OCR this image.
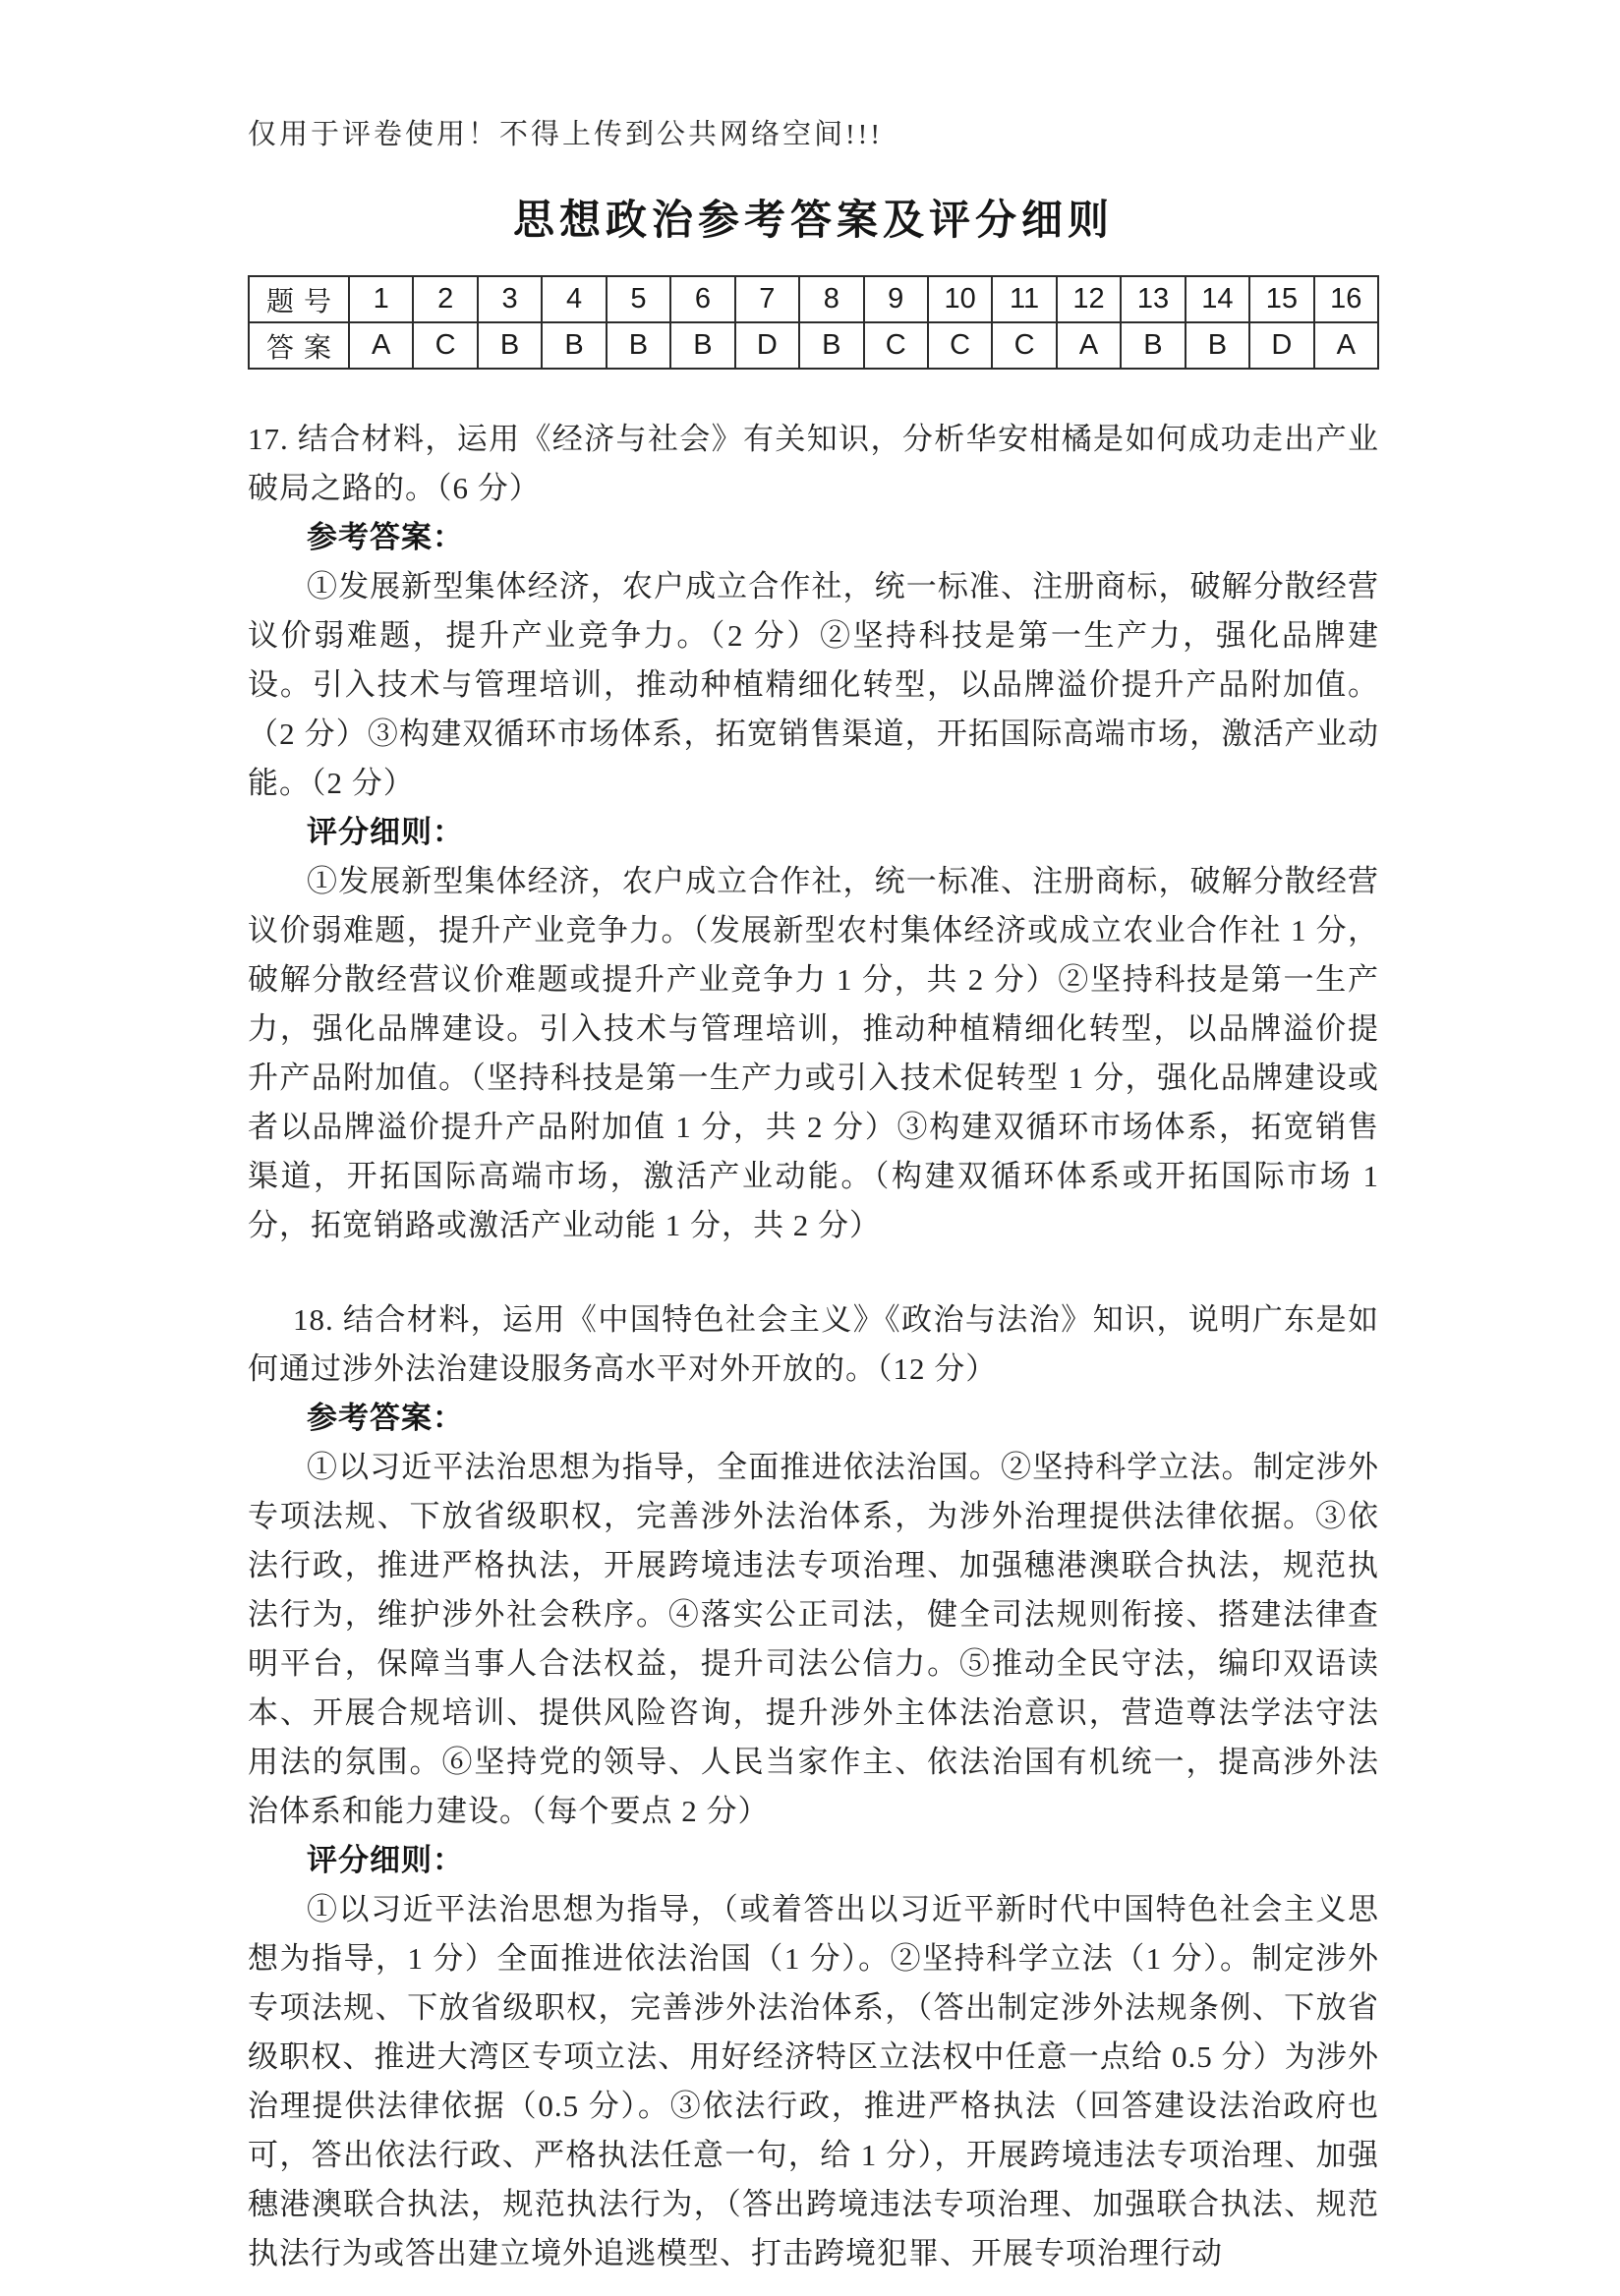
仅用于评卷使用！不得上传到公共网络空间!!!
思想政治参考答案及评分细则
题号	1	2	3	4	5	6	7	8	9	10	11	12	13	14	15	16
答案	A	C	B	B	B	B	D	B	C	C	C	A	B	B	D	A

17. 结合材料，运用《经济与社会》有关知识，分析华安柑橘是如何成功走出产业破局之路的。（6 分）

参考答案：

①发展新型集体经济，农户成立合作社，统一标准、注册商标，破解分散经营议价弱难题，提升产业竞争力。（2 分）②坚持科技是第一生产力，强化品牌建设。引入技术与管理培训，推动种植精细化转型，以品牌溢价提升产品附加值。（2 分）③构建双循环市场体系，拓宽销售渠道，开拓国际高端市场，激活产业动能。（2 分）

评分细则：

①发展新型集体经济，农户成立合作社，统一标准、注册商标，破解分散经营议价弱难题，提升产业竞争力。（发展新型农村集体经济或成立农业合作社 1 分，破解分散经营议价难题或提升产业竞争力 1 分，共 2 分）②坚持科技是第一生产力，强化品牌建设。引入技术与管理培训，推动种植精细化转型，以品牌溢价提升产品附加值。（坚持科技是第一生产力或引入技术促转型 1 分，强化品牌建设或者以品牌溢价提升产品附加值 1 分，共 2 分）③构建双循环市场体系，拓宽销售渠道，开拓国际高端市场，激活产业动能。（构建双循环体系或开拓国际市场 1 分，拓宽销路或激活产业动能 1 分，共 2 分）

18. 结合材料，运用《中国特色社会主义》《政治与法治》知识，说明广东是如何通过涉外法治建设服务高水平对外开放的。（12 分）

参考答案：

①以习近平法治思想为指导，全面推进依法治国。②坚持科学立法。制定涉外专项法规、下放省级职权，完善涉外法治体系，为涉外治理提供法律依据。③依法行政，推进严格执法，开展跨境违法专项治理、加强穗港澳联合执法，规范执法行为，维护涉外社会秩序。④落实公正司法，健全司法规则衔接、搭建法律查明平台，保障当事人合法权益，提升司法公信力。⑤推动全民守法，编印双语读本、开展合规培训、提供风险咨询，提升涉外主体法治意识，营造尊法学法守法用法的氛围。⑥坚持党的领导、人民当家作主、依法治国有机统一，提高涉外法治体系和能力建设。（每个要点 2 分）

评分细则：

①以习近平法治思想为指导，（或着答出以习近平新时代中国特色社会主义思想为指导，1 分）全面推进依法治国（1 分）。②坚持科学立法（1 分）。制定涉外专项法规、下放省级职权，完善涉外法治体系，（答出制定涉外法规条例、下放省级职权、推进大湾区专项立法、用好经济特区立法权中任意一点给 0.5 分）为涉外治理提供法律依据（0.5 分）。③依法行政，推进严格执法（回答建设法治政府也可，答出依法行政、严格执法任意一句，给 1 分），开展跨境违法专项治理、加强穗港澳联合执法，规范执法行为，（答出跨境违法专项治理、加强联合执法、规范执法行为或答出建立境外追逃模型、打击跨境犯罪、开展专项治理行动
